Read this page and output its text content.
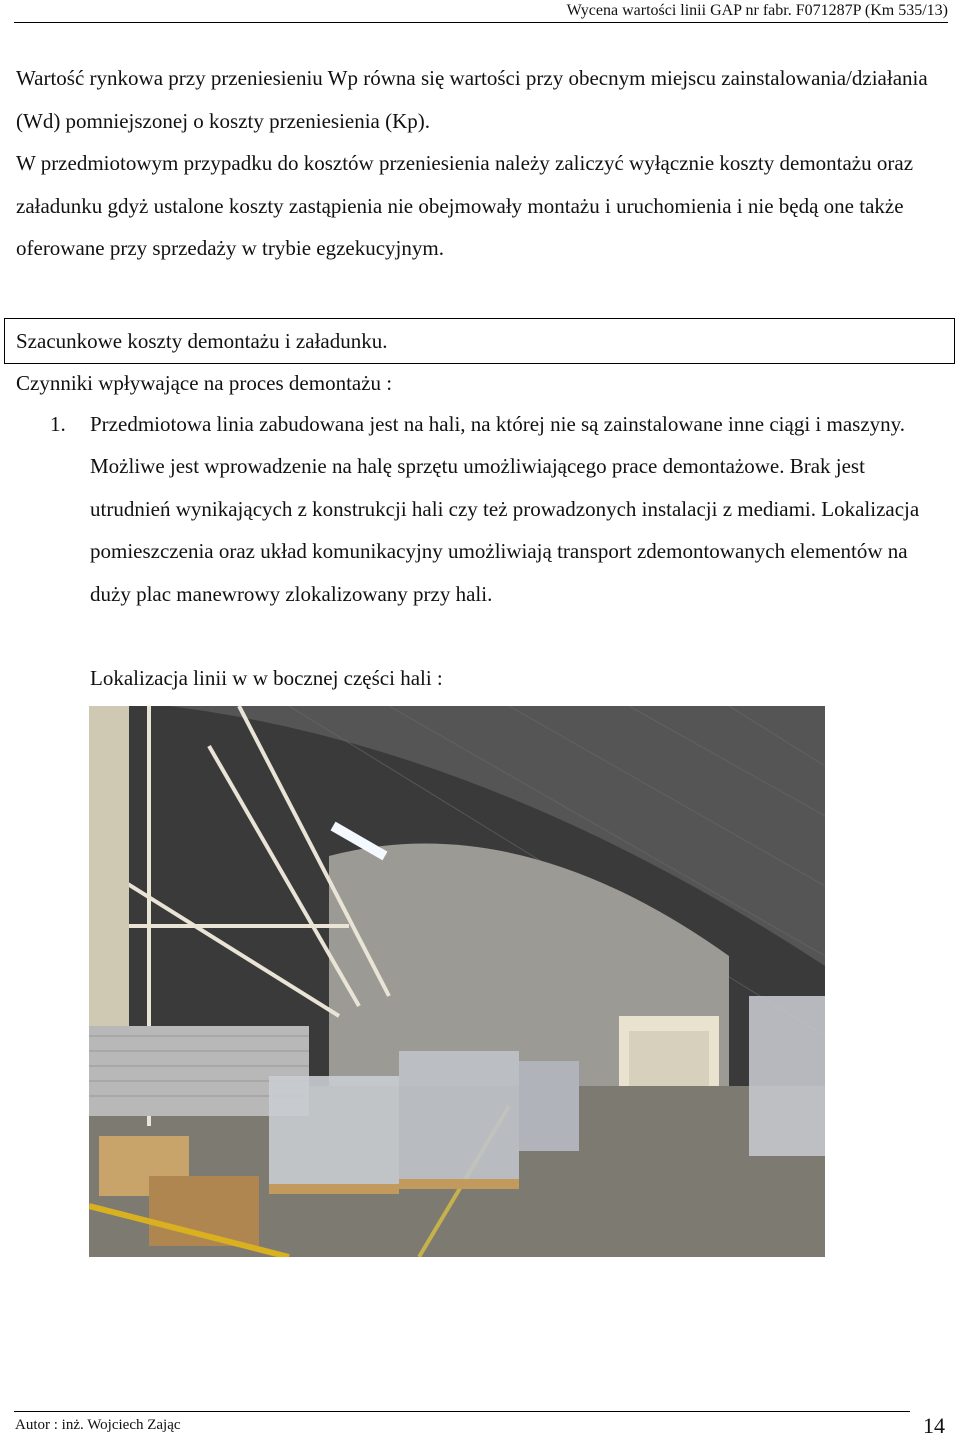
Wycena wartości linii GAP nr fabr. F071287P (Km 535/13)

Wartość rynkowa przy przeniesieniu Wp równa się wartości przy obecnym miejscu zainstalowania/działania (Wd) pomniejszonej o koszty przeniesienia (Kp).

W przedmiotowym przypadku do kosztów przeniesienia należy zaliczyć wyłącznie koszty demontażu oraz załadunku gdyż ustalone koszty zastąpienia nie obejmowały montażu i uruchomienia i nie będą one także oferowane przy sprzedaży w trybie egzekucyjnym.

Szacunkowe koszty demontażu i załadunku.
Czynniki wpływające na proces demontażu :
1. Przedmiotowa linia zabudowana jest na hali, na której nie są zainstalowane inne ciągi i maszyny. Możliwe jest wprowadzenie na halę sprzętu umożliwiającego prace demontażowe. Brak jest utrudnień wynikających z konstrukcji hali czy też prowadzonych instalacji z mediami. Lokalizacja pomieszczenia oraz układ komunikacyjny umożliwiają transport zdemontowanych elementów na duży plac manewrowy zlokalizowany przy hali.
Lokalizacja linii w w bocznej części hali :
Autor : inż. Wojciech Zając	14
